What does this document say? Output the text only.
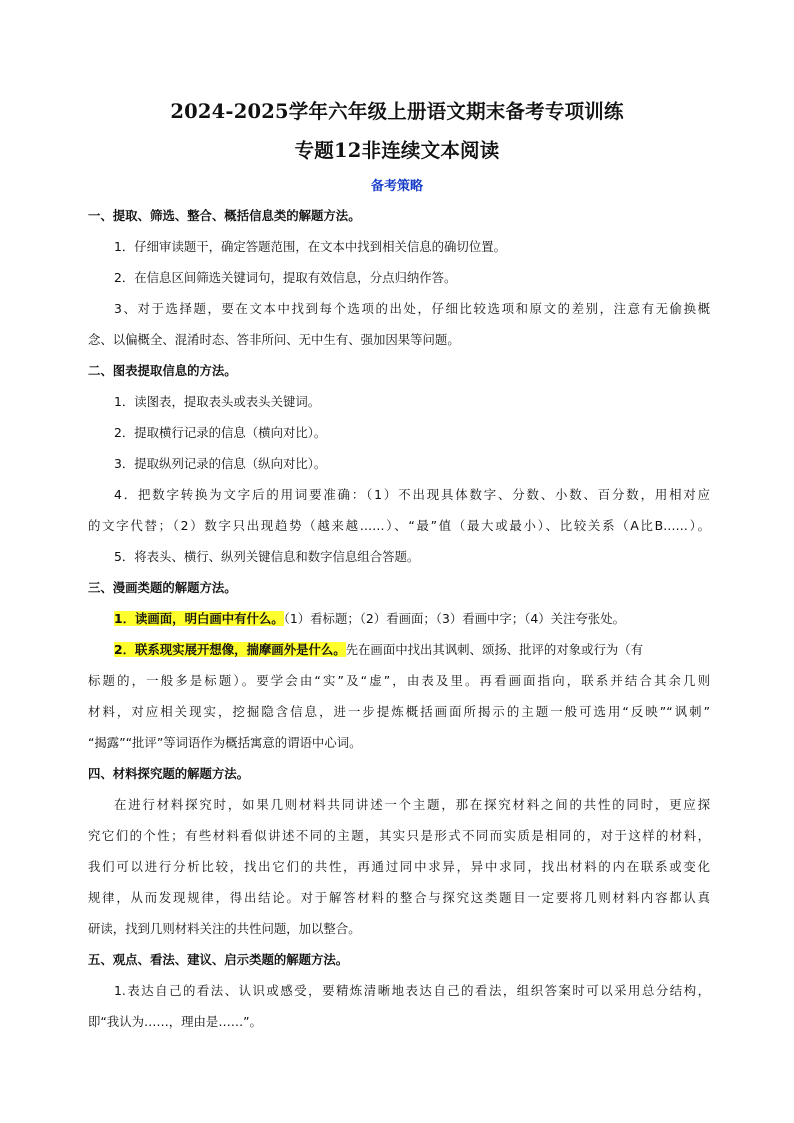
2024-2025学年六年级上册语文期末备考专项训练
专题12非连续文本阅读
备考策略
一、提取、筛选、整合、概括信息类的解题方法。
1．仔细审读题干，确定答题范围，在文本中找到相关信息的确切位置。
2．在信息区间筛选关键词句，提取有效信息，分点归纳作答。
3、对于选择题，要在文本中找到每个选项的出处，仔细比较选项和原文的差别，注意有无偷换概
念、以偏概全、混淆时态、答非所问、无中生有、强加因果等问题。
二、图表提取信息的方法。
1．读图表，提取表头或表头关键词。
2．提取横行记录的信息（横向对比）。
3．提取纵列记录的信息（纵向对比）。
4．把数字转换为文字后的用词要准确：（1）不出现具体数字、分数、小数、百分数，用相对应
的文字代替；（2）数字只出现趋势（越来越……）、“最”值（最大或最小）、比较关系（A比B……）。
5．将表头、横行、纵列关键信息和数字信息组合答题。
三、漫画类题的解题方法。
1．读画面，明白画中有什么。（1）看标题；（2）看画面；（3）看画中字；（4）关注夸张处。
2．联系现实展开想像，揣摩画外是什么。先在画面中找出其讽刺、颂扬、批评的对象或行为（有
标题的，一般多是标题）。要学会由“实”及“虚”，由表及里。再看画面指向，联系并结合其余几则
材料，对应相关现实，挖掘隐含信息，进一步提炼概括画面所揭示的主题一般可选用“反映”“讽刺”
“揭露”“批评”等词语作为概括寓意的谓语中心词。
四、材料探究题的解题方法。
在进行材料探究时，如果几则材料共同讲述一个主题，那在探究材料之间的共性的同时，更应探
究它们的个性；有些材料看似讲述不同的主题，其实只是形式不同而实质是相同的，对于这样的材料，
我们可以进行分析比较，找出它们的共性，再通过同中求异，异中求同，找出材料的内在联系或变化
规律，从而发现规律，得出结论。对于解答材料的整合与探究这类题目一定要将几则材料内容都认真
研读，找到几则材料关注的共性问题，加以整合。
五、观点、看法、建议、启示类题的解题方法。
1.表达自己的看法、认识或感受，要精炼清晰地表达自己的看法，组织答案时可以采用总分结构，
即“我认为……，理由是……”。
